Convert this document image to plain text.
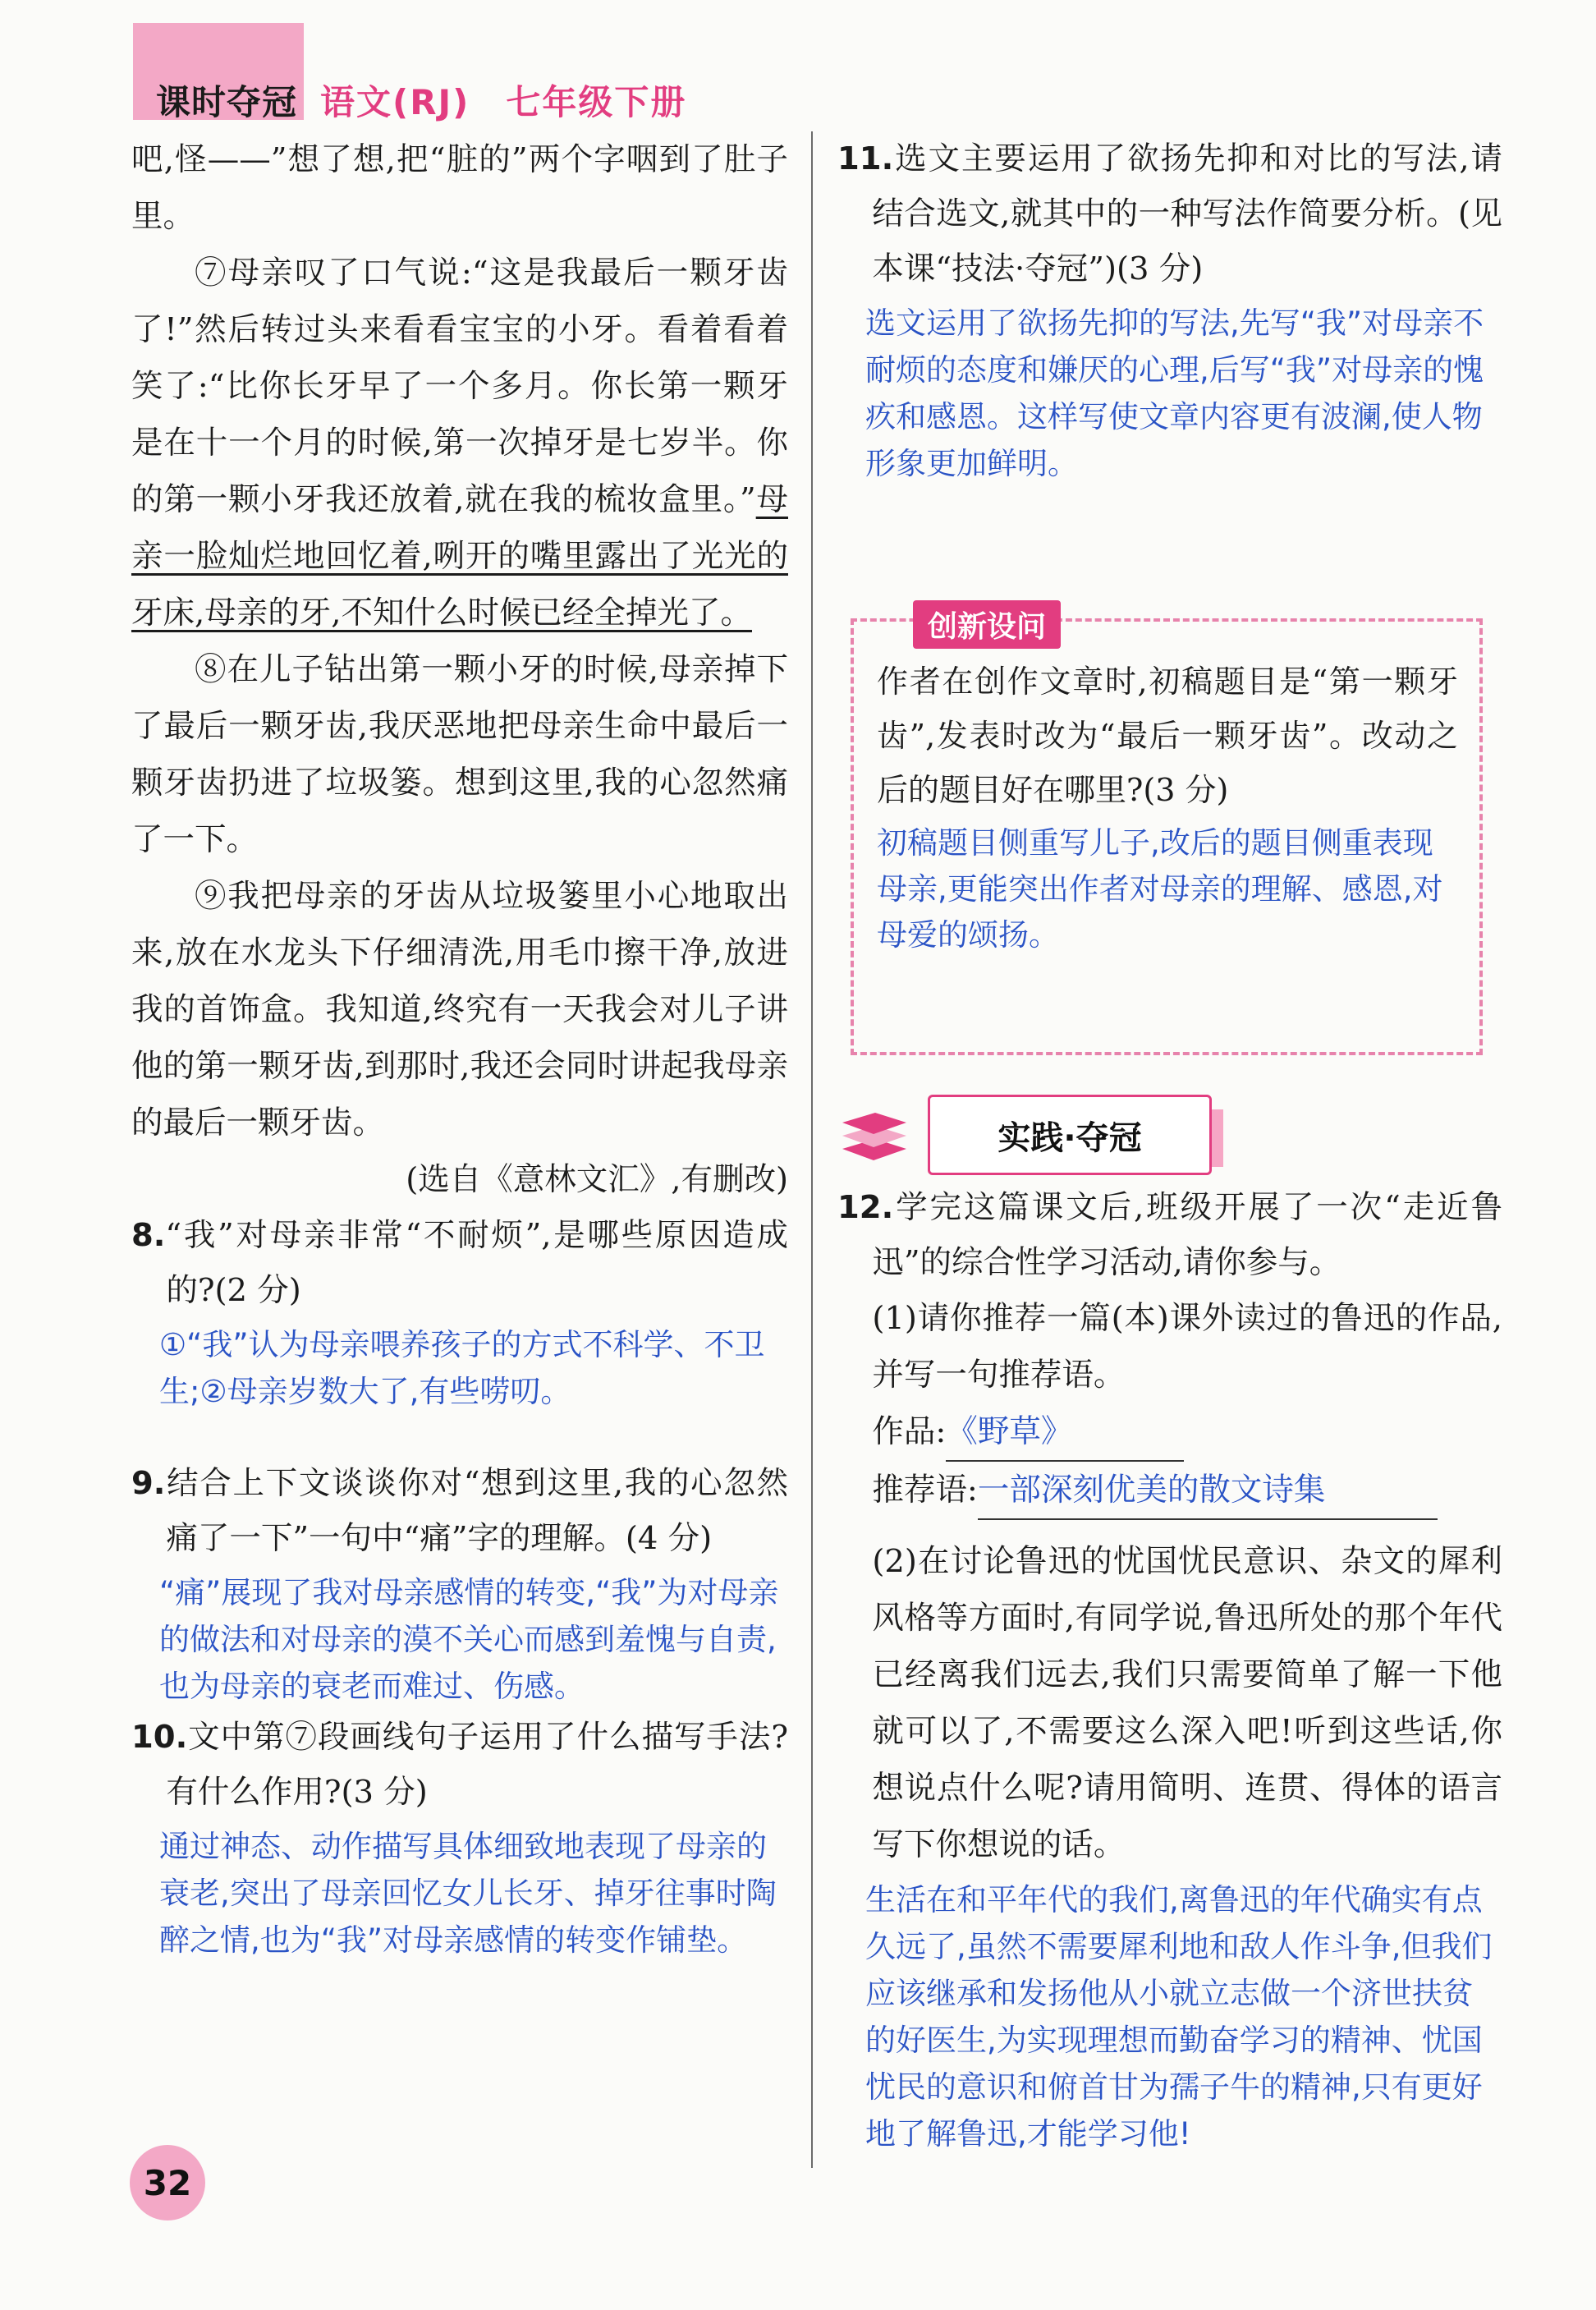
课时夺冠 语文(RJ)　七年级下册

吧,怪——”想了想,把“脏的”两个字咽到了肚子里。

⑦母亲叹了口气说:“这是我最后一颗牙齿了!”然后转过头来看看宝宝的小牙。看着看着笑了:“比你长牙早了一个多月。你长第一颗牙是在十一个月的时候,第一次掉牙是七岁半。你的第一颗小牙我还放着,就在我的梳妆盒里。”母亲一脸灿烂地回忆着,咧开的嘴里露出了光光的牙床,母亲的牙,不知什么时候已经全掉光了。

⑧在儿子钻出第一颗小牙的时候,母亲掉下了最后一颗牙齿,我厌恶地把母亲生命中最后一颗牙齿扔进了垃圾篓。想到这里,我的心忽然痛了一下。

⑨我把母亲的牙齿从垃圾篓里小心地取出来,放在水龙头下仔细清洗,用毛巾擦干净,放进我的首饰盒。我知道,终究有一天我会对儿子讲他的第一颗牙齿,到那时,我还会同时讲起我母亲的最后一颗牙齿。

(选自《意林文汇》,有删改)

8.“我”对母亲非常“不耐烦”,是哪些原因造成的?(2 分)

①“我”认为母亲喂养孩子的方式不科学、不卫生;②母亲岁数大了,有些唠叨。

9.结合上下文谈谈你对“想到这里,我的心忽然痛了一下”一句中“痛”字的理解。(4 分)

“痛”展现了我对母亲感情的转变,“我”为对母亲的做法和对母亲的漠不关心而感到羞愧与自责,也为母亲的衰老而难过、伤感。

10.文中第⑦段画线句子运用了什么描写手法?有什么作用?(3 分)

通过神态、动作描写具体细致地表现了母亲的衰老,突出了母亲回忆女儿长牙、掉牙往事时陶醉之情,也为“我”对母亲感情的转变作铺垫。

11.选文主要运用了欲扬先抑和对比的写法,请结合选文,就其中的一种写法作简要分析。(见本课“技法·夺冠”)(3 分)

选文运用了欲扬先抑的写法,先写“我”对母亲不耐烦的态度和嫌厌的心理,后写“我”对母亲的愧疚和感恩。这样写使文章内容更有波澜,使人物形象更加鲜明。
创新设问

作者在创作文章时,初稿题目是“第一颗牙齿”,发表时改为“最后一颗牙齿”。改动之后的题目好在哪里?(3 分)

初稿题目侧重写儿子,改后的题目侧重表现母亲,更能突出作者对母亲的理解、感恩,对母爱的颂扬。
实践·夺冠

12.学完这篇课文后,班级开展了一次“走近鲁迅”的综合性学习活动,请你参与。

(1)请你推荐一篇(本)课外读过的鲁迅的作品,并写一句推荐语。

作品:《野草》

推荐语:一部深刻优美的散文诗集

(2)在讨论鲁迅的忧国忧民意识、杂文的犀利风格等方面时,有同学说,鲁迅所处的那个年代已经离我们远去,我们只需要简单了解一下他就可以了,不需要这么深入吧!听到这些话,你想说点什么呢?请用简明、连贯、得体的语言写下你想说的话。

生活在和平年代的我们,离鲁迅的年代确实有点久远了,虽然不需要犀利地和敌人作斗争,但我们应该继承和发扬他从小就立志做一个济世扶贫的好医生,为实现理想而勤奋学习的精神、忧国忧民的意识和俯首甘为孺子牛的精神,只有更好地了解鲁迅,才能学习他!
32
